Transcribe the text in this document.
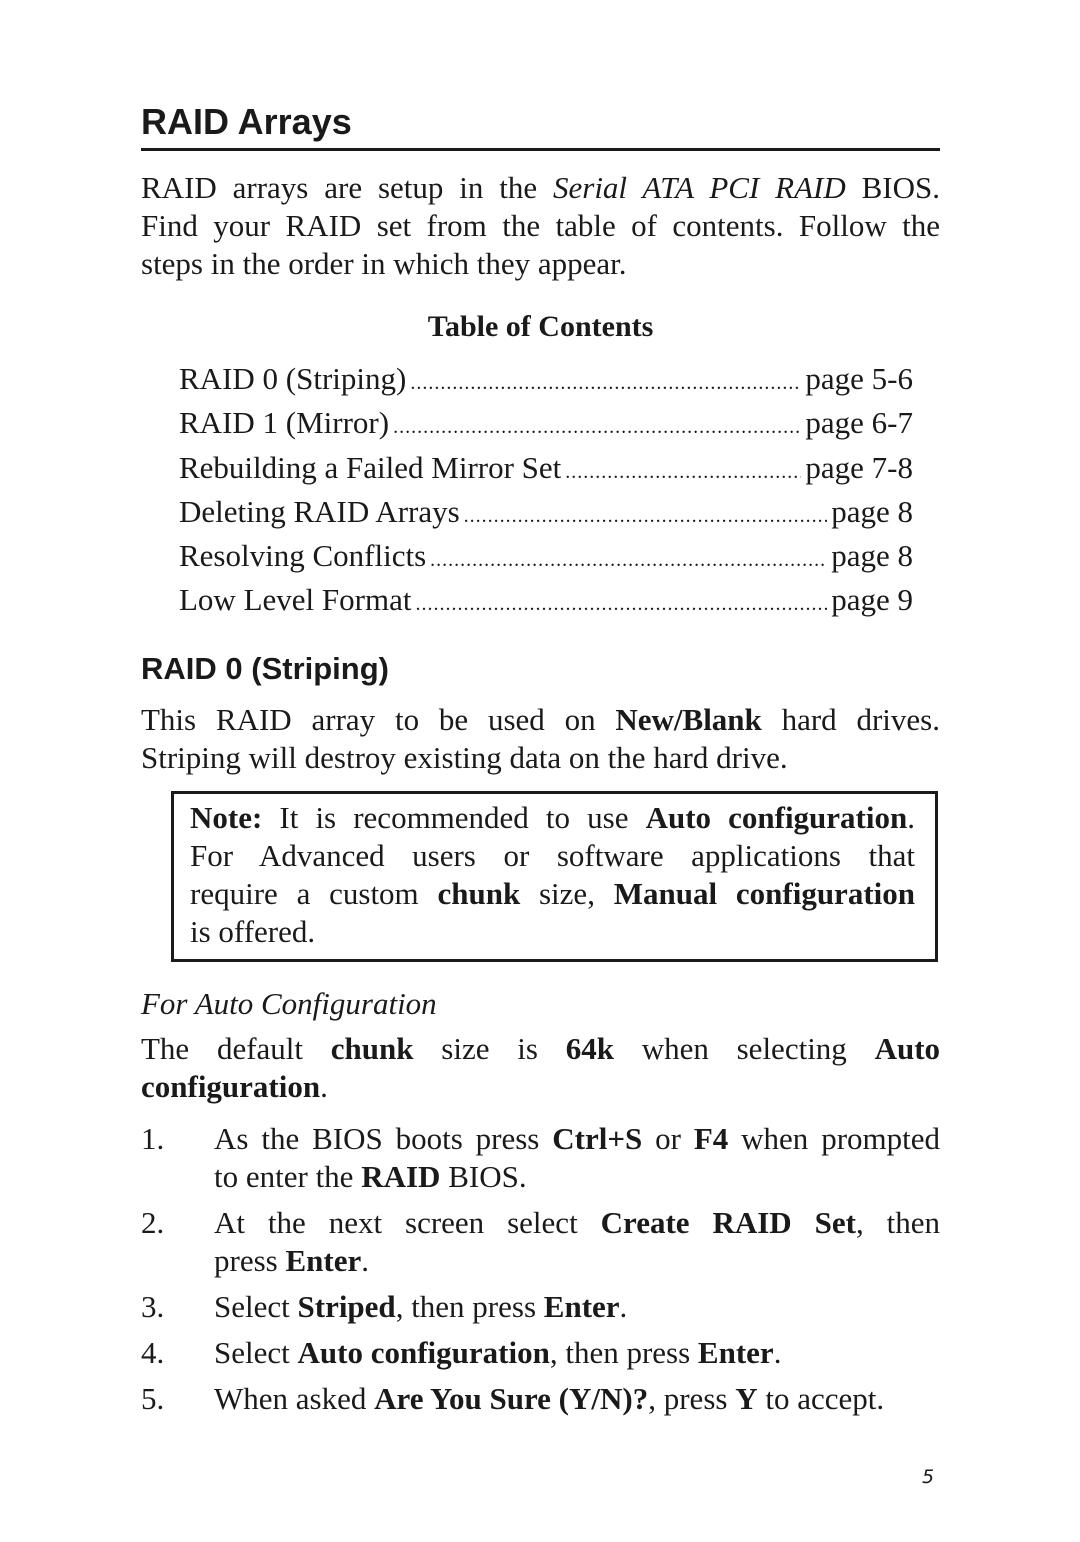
RAID Arrays
RAID arrays are setup in the Serial ATA PCI RAID BIOS.
Find your RAID set from the table of contents. Follow the
steps in the order in which they appear.
Table of Contents
RAID 0 (Striping) .....	page 5-6
RAID 1 (Mirror) .....	page 6-7
Rebuilding a Failed Mirror Set .....	page 7-8
Deleting RAID Arrays .....	page 8
Resolving Conflicts .....	page 8
Low Level Format .....	page 9
RAID 0 (Striping)
This RAID array to be used on New/Blank hard drives.
Striping will destroy existing data on the hard drive.
Note: It is recommended to use Auto configuration.
For Advanced users or software applications that
require a custom chunk size, Manual configuration
is offered.
For Auto Configuration
The default chunk size is 64k when selecting Auto
configuration.
1.	As the BIOS boots press Ctrl+S or F4 when prompted
to enter the RAID BIOS.
2.	At the next screen select Create RAID Set, then
press Enter.
3.	Select Striped, then press Enter.
4.	Select Auto configuration, then press Enter.
5.	When asked Are You Sure (Y/N)?, press Y to accept.
5
